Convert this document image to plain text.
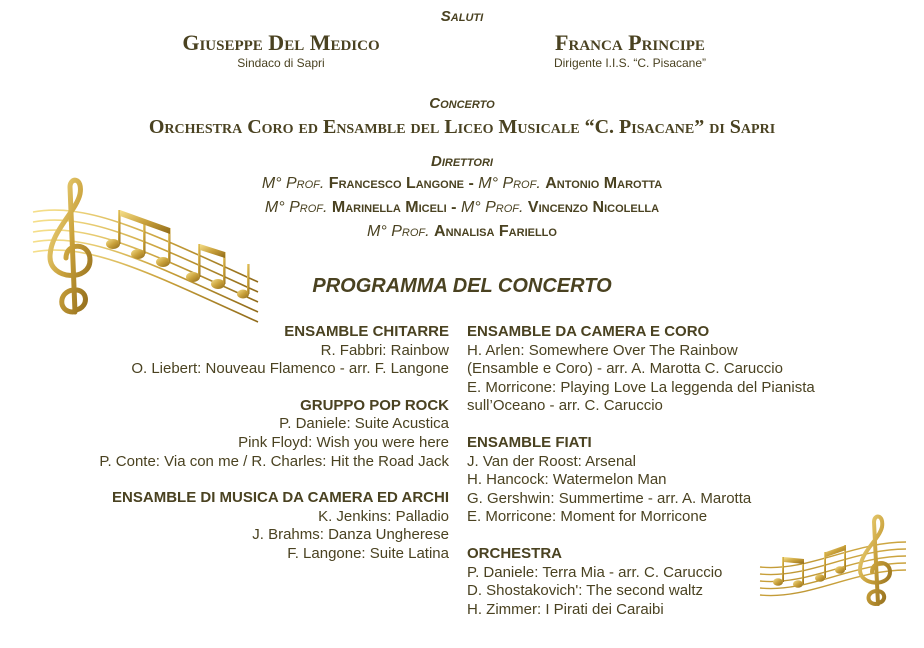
Saluti
Giuseppe Del Medico
Sindaco di Sapri
Franca Principe
Dirigente I.I.S. “C. Pisacane”
Concerto
Orchestra Coro ed Ensamble del Liceo Musicale “C. Pisacane” di Sapri
Direttori
M° Prof. Francesco Langone - M° Prof. Antonio Marotta
M° Prof. Marinella Miceli - M° Prof. Vincenzo Nicolella
M° Prof. Annalisa Fariello
PROGRAMMA DEL CONCERTO
ENSAMBLE CHITARRE
R. Fabbri: Rainbow
O. Liebert: Nouveau Flamenco - arr. F. Langone
GRUPPO POP ROCK
P. Daniele: Suite Acustica
Pink Floyd: Wish you were here
P. Conte: Via con me / R. Charles: Hit the Road Jack
ENSAMBLE DI MUSICA DA CAMERA ED ARCHI
K. Jenkins: Palladio
J. Brahms: Danza Ungherese
F. Langone: Suite Latina
ENSAMBLE DA CAMERA E CORO
H. Arlen: Somewhere Over The Rainbow
(Ensamble e Coro) - arr. A. Marotta C. Caruccio
E. Morricone: Playing Love La leggenda del Pianista
sull’Oceano - arr. C. Caruccio
ENSAMBLE FIATI
J. Van der Roost: Arsenal
H. Hancock: Watermelon Man
G. Gershwin: Summertime - arr. A. Marotta
E. Morricone: Moment for Morricone
ORCHESTRA
P. Daniele: Terra Mia - arr. C. Caruccio
D. Shostakovich': The second waltz
H. Zimmer: I Pirati dei Caraibi
